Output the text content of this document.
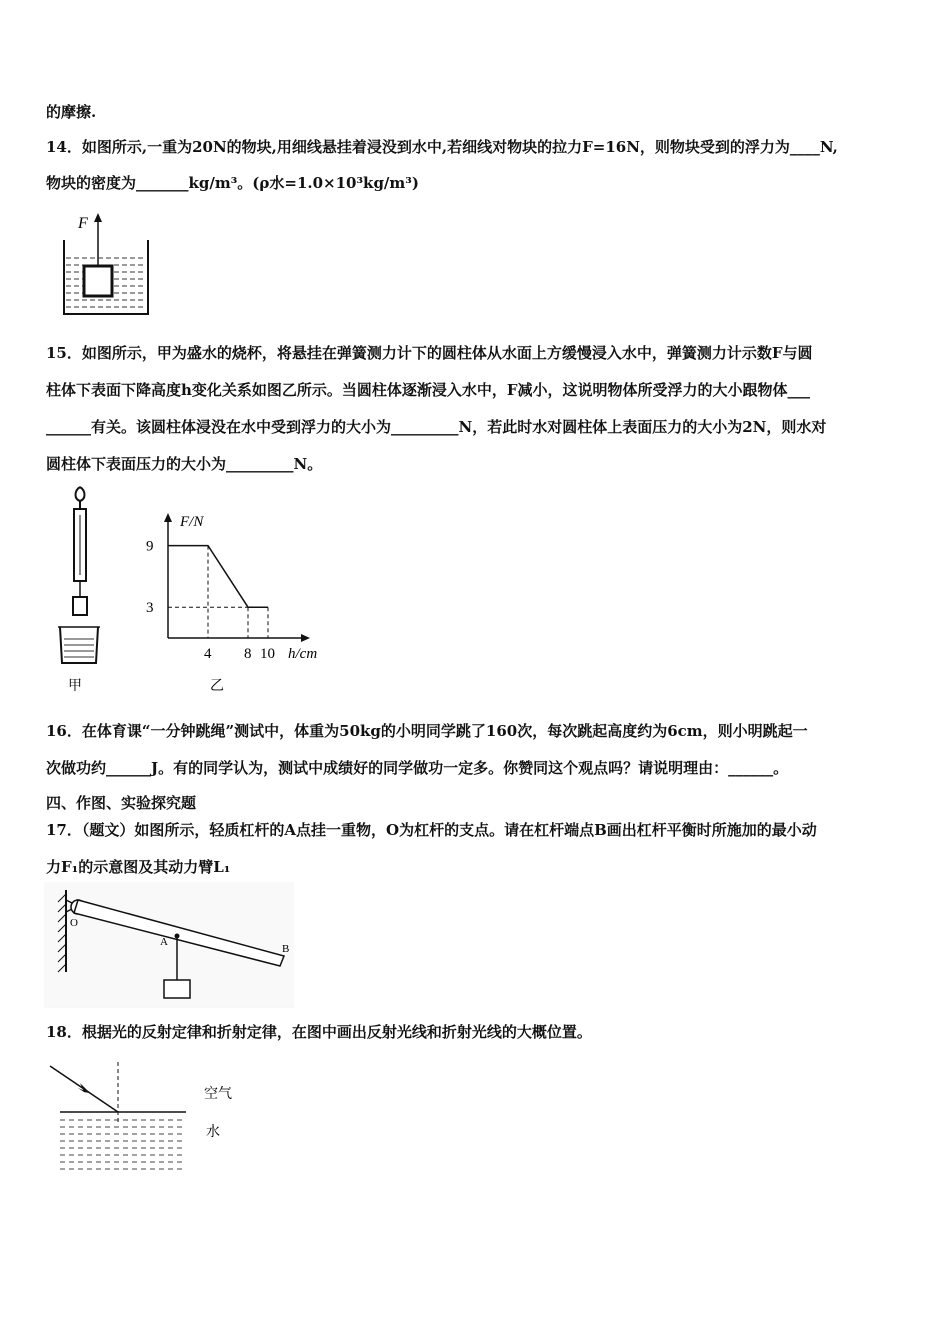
的摩擦.
14．如图所示,一重为20N的物块,用细线悬挂着浸没到水中,若细线对物块的拉力F=16N，则物块受到的浮力为____N,
物块的密度为_______kg/m³。(ρ水=1.0×10³kg/m³)
F
15．如图所示，甲为盛水的烧杯，将悬挂在弹簧测力计下的圆柱体从水面上方缓慢浸入水中，弹簧测力计示数F与圆
柱体下表面下降高度h变化关系如图乙所示。当圆柱体逐渐浸入水中，F减小，这说明物体所受浮力的大小跟物体___
______有关。该圆柱体浸没在水中受到浮力的大小为_________N，若此时水对圆柱体上表面压力的大小为2N，则水对
圆柱体下表面压力的大小为_________N。
甲
F/N
h/cm
4 8 10
9
3
乙
16．在体育课“一分钟跳绳”测试中，体重为50kg的小明同学跳了160次，每次跳起高度约为6cm，则小明跳起一
次做功约______J。有的同学认为，测试中成绩好的同学做功一定多。你赞同这个观点吗？请说明理由：______。
四、作图、实验探究题
17．（题文）如图所示，轻质杠杆的A点挂一重物，O为杠杆的支点。请在杠杆端点B画出杠杆平衡时所施加的最小动
力F₁的示意图及其动力臂L₁
O
A
B
18．根据光的反射定律和折射定律，在图中画出反射光线和折射光线的大概位置。
空气
水
